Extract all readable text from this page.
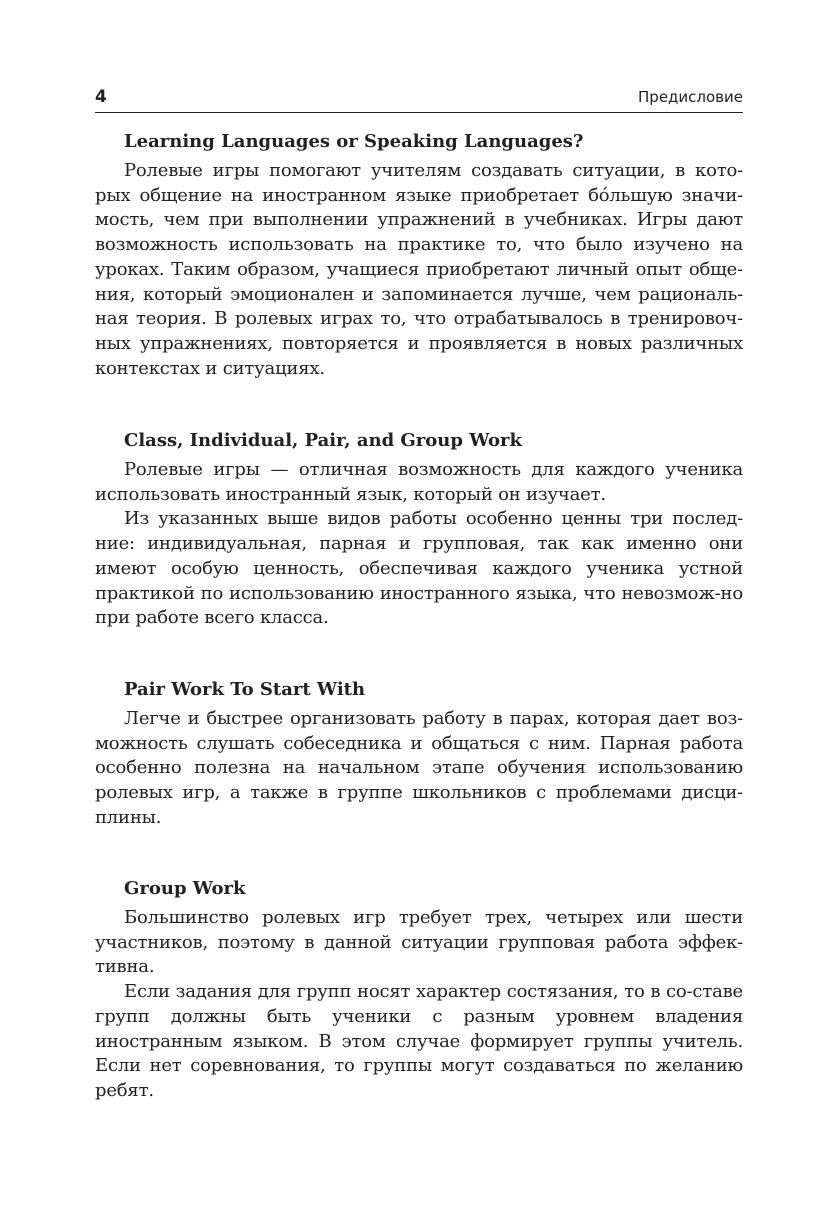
4	Предисловие
Learning Languages or Speaking Languages?

Ролевые игры помогают учителям создавать ситуации, в кото-рых общение на иностранном языке приобретает бóльшую значи-мость, чем при выполнении упражнений в учебниках. Игры дают возможность использовать на практике то, что было изучено на уроках. Таким образом, учащиеся приобретают личный опыт обще-ния, который эмоционален и запоминается лучше, чем рациональ-ная теория. В ролевых играх то, что отрабатывалось в тренировоч-ных упражнениях, повторяется и проявляется в новых различных контекстах и ситуациях.

Class, Individual, Pair, and Group Work

Ролевые игры — отличная возможность для каждого ученика использовать иностранный язык, который он изучает.

Из указанных выше видов работы особенно ценны три послед-ние: индивидуальная, парная и групповая, так как именно они имеют особую ценность, обеспечивая каждого ученика устной практикой по использованию иностранного языка, что невозмож-но при работе всего класса.

Pair Work To Start With

Легче и быстрее организовать работу в парах, которая дает воз-можность слушать собеседника и общаться с ним. Парная работа особенно полезна на начальном этапе обучения использованию ролевых игр, а также в группе школьников с проблемами дисци-плины.

Group Work

Большинство ролевых игр требует трех, четырех или шести участников, поэтому в данной ситуации групповая работа эффек-тивна.

Если задания для групп носят характер состязания, то в со-ставе групп должны быть ученики с разным уровнем владения иностранным языком. В этом случае формирует группы учитель. Если нет соревнования, то группы могут создаваться по желанию ребят.
